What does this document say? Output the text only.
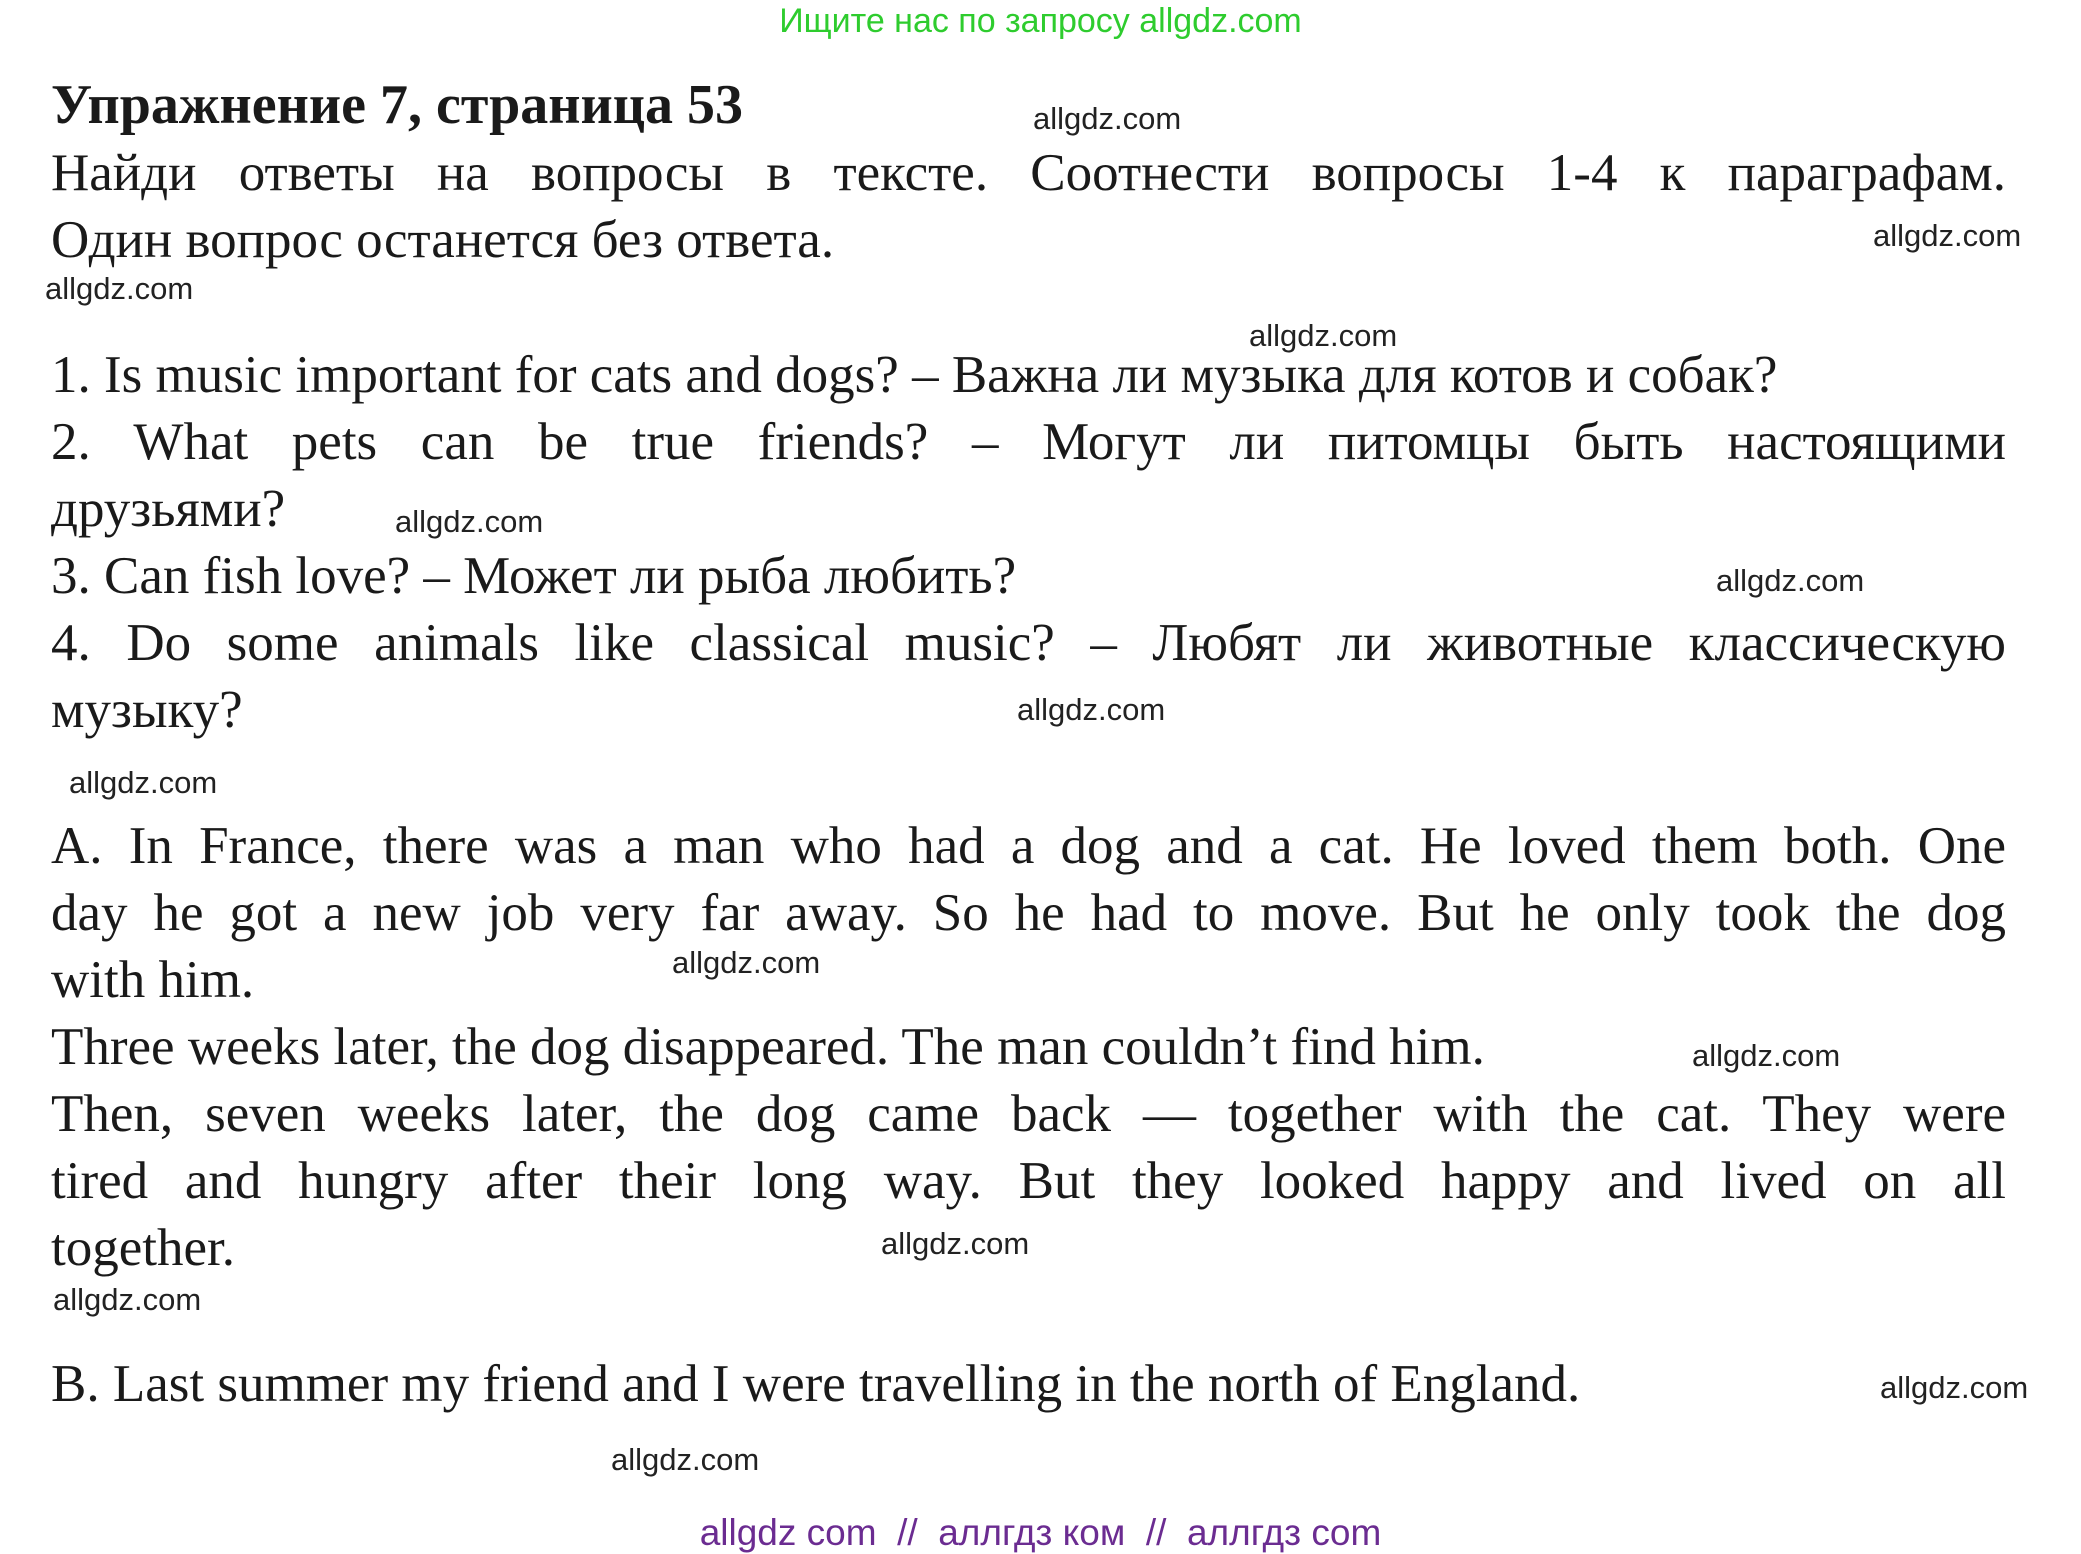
Ищите нас по запросу allgdz.com
Упражнение 7, страница 53
Найди ответы на вопросы в тексте. Соотнести вопросы 1-4 к параграфам.
Один вопрос останется без ответа.
1. Is music important for cats and dogs? – Важна ли музыка для котов и собак?
2. What pets can be true friends? – Могут ли питомцы быть настоящими
друзьями?
3. Can fish love? – Может ли рыба любить?
4. Do some animals like classical music? – Любят ли животные классическую
музыку?
A. In France, there was a man who had a dog and a cat. He loved them both. One
day he got a new job very far away. So he had to move. But he only took the dog
with him.
Three weeks later, the dog disappeared. The man couldn’t find him.
Then, seven weeks later, the dog came back — together with the cat. They were
tired and hungry after their long way. But they looked happy and lived on all
together.
B. Last summer my friend and I were travelling in the north of England.
allgdz.com
allgdz.com
allgdz.com
allgdz.com
allgdz.com
allgdz.com
allgdz.com
allgdz.com
allgdz.com
allgdz.com
allgdz.com
allgdz.com
allgdz.com
allgdz.com
allgdz com  //  аллгдз ком  //  аллгдз com
